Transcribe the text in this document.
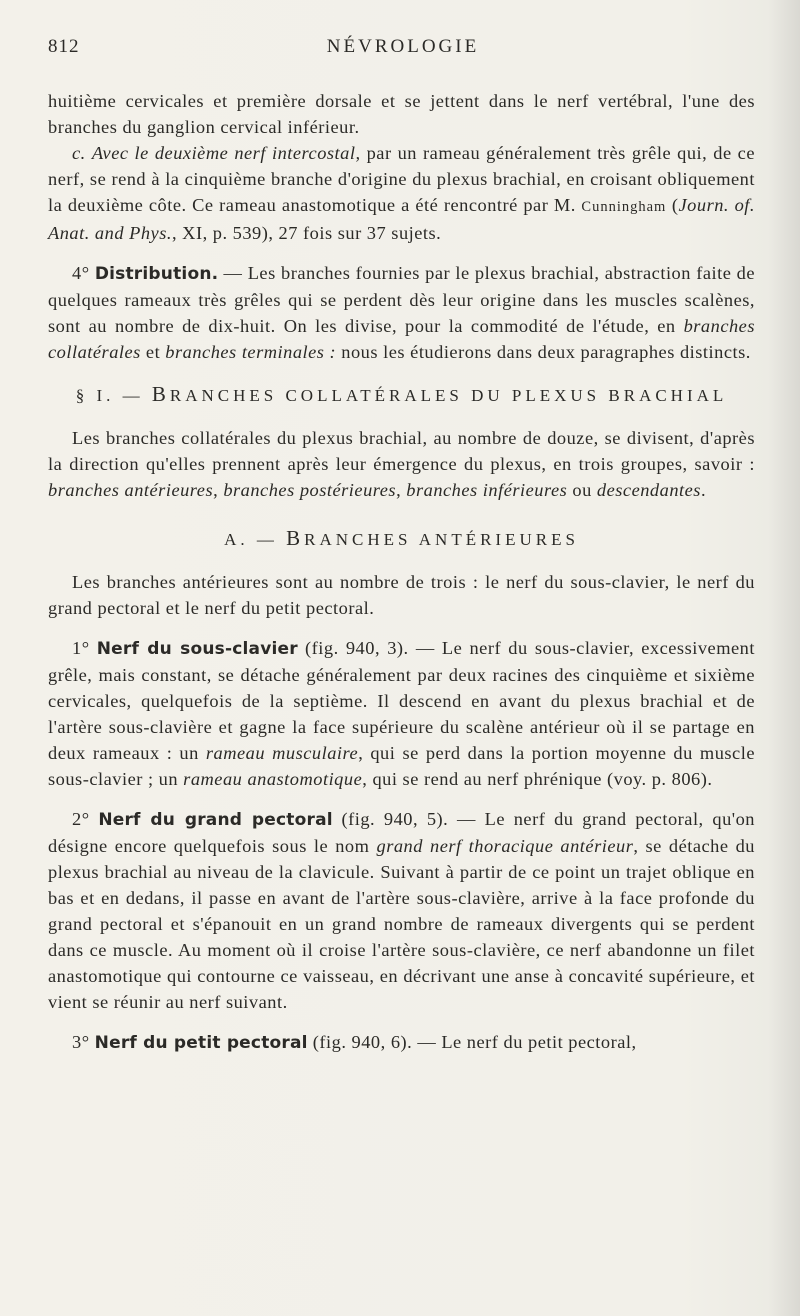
812	NÉVROLOGIE

huitième cervicales et première dorsale et se jettent dans le nerf vertébral, l'une des branches du ganglion cervical inférieur.

c. Avec le deuxième nerf intercostal, par un rameau généralement très grêle qui, de ce nerf, se rend à la cinquième branche d'origine du plexus brachial, en croisant obliquement la deuxième côte. Ce rameau anastomotique a été rencontré par M. Cunningham (Journ. of. Anat. and Phys., XI, p. 539), 27 fois sur 37 sujets.

4° Distribution. — Les branches fournies par le plexus brachial, abstraction faite de quelques rameaux très grêles qui se perdent dès leur origine dans les muscles scalènes, sont au nombre de dix-huit. On les divise, pour la commodité de l'étude, en branches collatérales et branches terminales : nous les étudierons dans deux paragraphes distincts.

§ I. — BRANCHES COLLATÉRALES DU PLEXUS BRACHIAL

Les branches collatérales du plexus brachial, au nombre de douze, se divisent, d'après la direction qu'elles prennent après leur émergence du plexus, en trois groupes, savoir : branches antérieures, branches postérieures, branches inférieures ou descendantes.

A. — BRANCHES ANTÉRIEURES

Les branches antérieures sont au nombre de trois : le nerf du sous-clavier, le nerf du grand pectoral et le nerf du petit pectoral.

1° Nerf du sous-clavier (fig. 940, 3). — Le nerf du sous-clavier, excessivement grêle, mais constant, se détache généralement par deux racines des cinquième et sixième cervicales, quelquefois de la septième. Il descend en avant du plexus brachial et de l'artère sous-clavière et gagne la face supérieure du scalène antérieur où il se partage en deux rameaux : un rameau musculaire, qui se perd dans la portion moyenne du muscle sous-clavier ; un rameau anastomotique, qui se rend au nerf phrénique (voy. p. 806).

2° Nerf du grand pectoral (fig. 940, 5). — Le nerf du grand pectoral, qu'on désigne encore quelquefois sous le nom grand nerf thoracique antérieur, se détache du plexus brachial au niveau de la clavicule. Suivant à partir de ce point un trajet oblique en bas et en dedans, il passe en avant de l'artère sous-clavière, arrive à la face profonde du grand pectoral et s'épanouit en un grand nombre de rameaux divergents qui se perdent dans ce muscle. Au moment où il croise l'artère sous-clavière, ce nerf abandonne un filet anastomotique qui contourne ce vaisseau, en décrivant une anse à concavité supérieure, et vient se réunir au nerf suivant.

3° Nerf du petit pectoral (fig. 940, 6). — Le nerf du petit pectoral,
